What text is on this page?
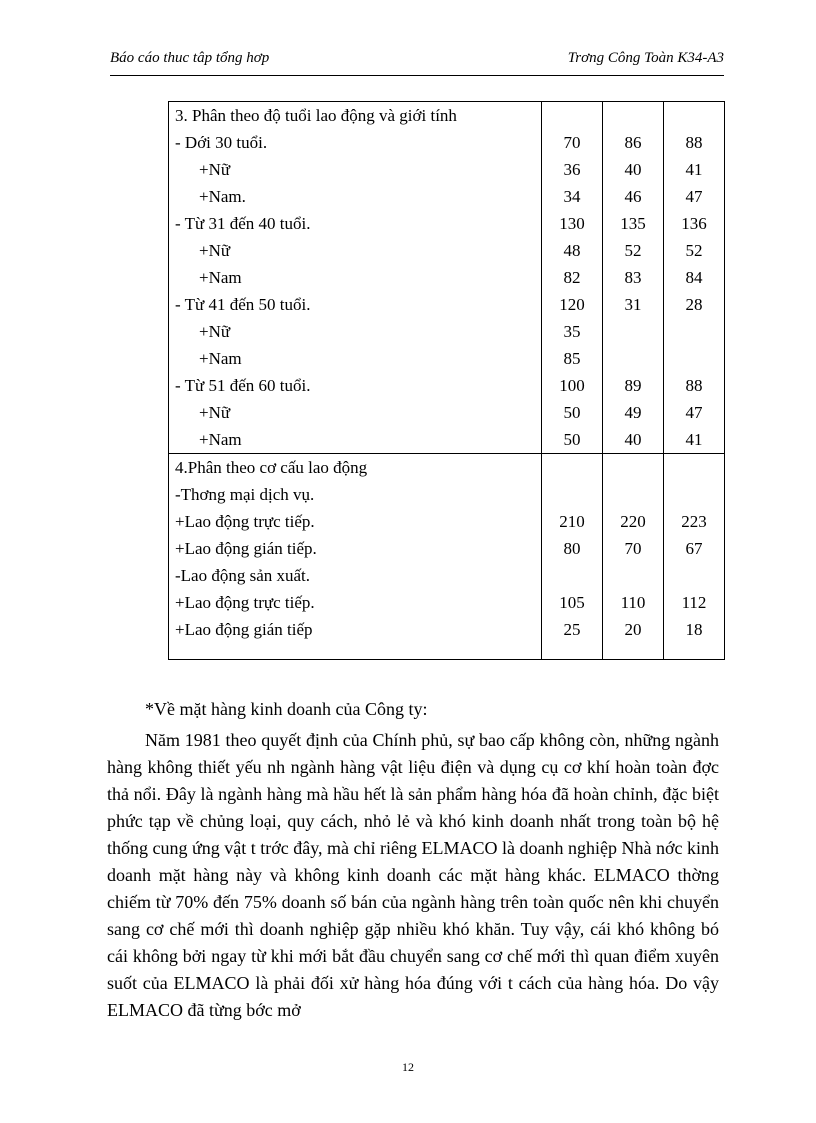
Báo cáo thuc tâp tổng hơp	Trơng Công Toàn K34-A3
3. Phân theo độ tuổi lao động và giới tính			
- Dới 30 tuổi.	70	86	88
+Nữ	36	40	41
+Nam.	34	46	47
- Từ 31 đến 40 tuổi.	130	135	136
+Nữ	48	52	52
+Nam	82	83	84
- Từ 41 đến 50 tuổi.	120	31	28
+Nữ	35		
+Nam	85		
- Từ 51 đến 60 tuổi.	100	89	88
+Nữ	50	49	47
+Nam	50	40	41
4.Phân theo cơ cấu lao động			
-Thơng mại dịch vụ.			
+Lao động trực tiếp.	210	220	223
+Lao động gián tiếp.	80	70	67
-Lao động sản xuất.			
+Lao động trực tiếp.	105	110	112
+Lao động gián tiếp	25	20	18

*Về mặt hàng kinh doanh của Công ty:
Năm 1981 theo quyết định của Chính phủ, sự bao cấp không còn, những ngành hàng không thiết yếu nh ngành hàng vật liệu điện và dụng cụ cơ khí hoàn toàn đợc thả nổi. Đây là ngành hàng mà hầu hết là sản phẩm hàng hóa đã hoàn chỉnh, đặc biệt phức tạp về chủng loại, quy cách, nhỏ lẻ và khó kinh doanh nhất trong toàn bộ hệ thống cung ứng vật t trớc đây, mà chỉ riêng ELMACO là doanh nghiệp Nhà nớc kinh doanh mặt hàng này và không kinh doanh các mặt hàng khác. ELMACO thờng chiếm từ 70% đến 75% doanh số bán của ngành hàng trên toàn quốc nên khi chuyển sang cơ chế mới thì doanh nghiệp gặp nhiều khó khăn. Tuy vậy, cái khó không bó cái không bởi ngay từ khi mới bắt đầu chuyển sang cơ chế mới thì quan điểm xuyên suốt của ELMACO là phải đối xử hàng hóa đúng với t cách của hàng hóa. Do vậy ELMACO đã từng bớc mở
12
